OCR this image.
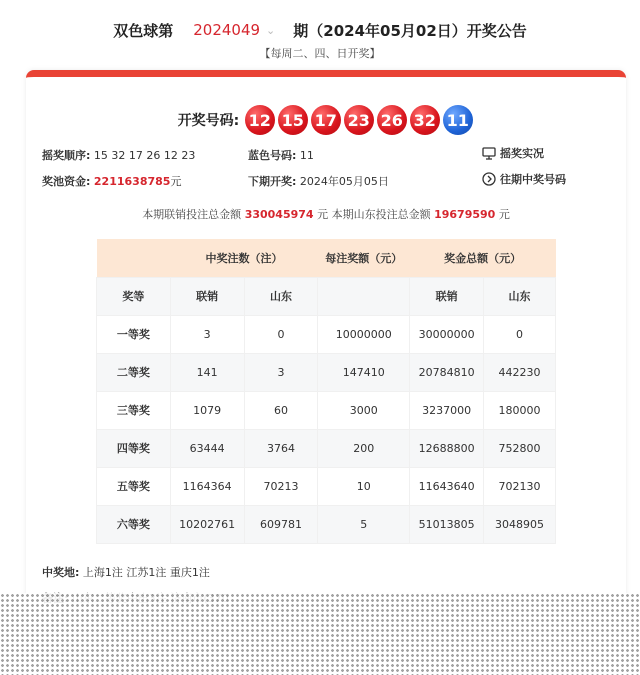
双色球第 2024049 ⌄ 期（2024年05月02日）开奖公告
【每周二、四、日开奖】
开奖号码: 12 15 17 23 26 32 11
摇奖顺序: 15 32 17 26 12 23	蓝色号码: 11	摇奖实况
奖池资金: 2211638785元	下期开奖: 2024年05月05日	往期中奖号码
本期联销投注总金额 330045974 元 本期山东投注总金额 19679590 元
	中奖注数（注）		每注奖额（元）	奖金总额（元）	
奖等	联销	山东		联销	山东
一等奖	3	0	10000000	30000000	0
二等奖	141	3	147410	20784810	442230
三等奖	1079	60	3000	3237000	180000
四等奖	63444	3764	200	12688800	752800
五等奖	1164364	70213	10	11643640	702130
六等奖	10202761	609781	5	51013805	3048905
中奖地: 上海1注 江苏1注 重庆1注
